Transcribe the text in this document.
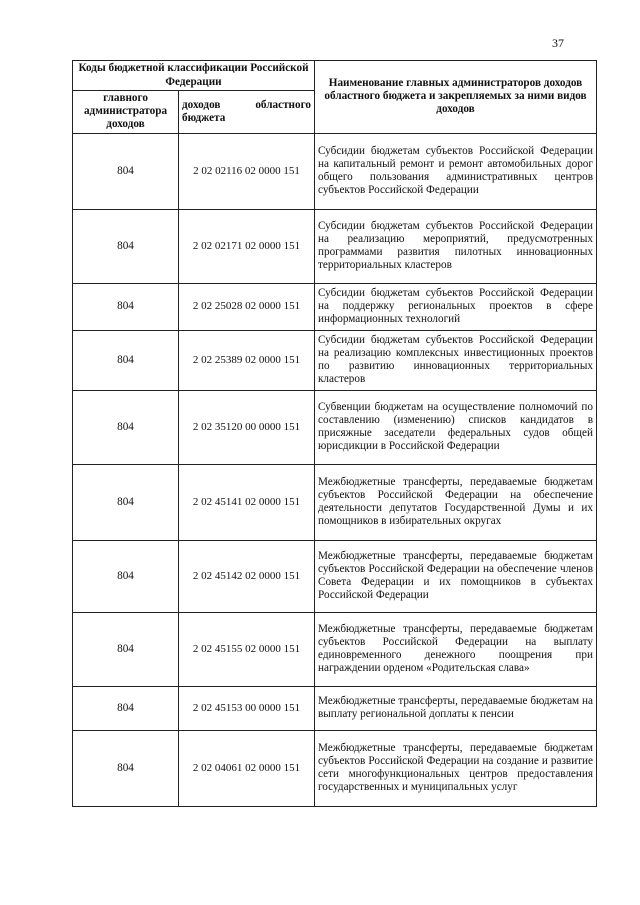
37
Коды бюджетной классификации Российской Федерации		Наименование главных администраторов доходов областного бюджета и закрепляемых за ними видов доходов
главного администратора доходов	доходов областного бюджета	
804	2 02 02116 02 0000 151	Субсидии бюджетам субъектов Российской Федерации на капитальный ремонт и ремонт автомобильных дорог общего пользования административных центров субъектов Российской Федерации
804	2 02 02171 02 0000 151	Субсидии бюджетам субъектов Российской Федерации на реализацию мероприятий, предусмотренных программами развития пилотных инновационных территориальных кластеров
804	2 02 25028 02 0000 151	Субсидии бюджетам субъектов Российской Федерации на поддержку региональных проектов в сфере информационных технологий
804	2 02 25389 02 0000 151	Субсидии бюджетам субъектов Российской Федерации на реализацию комплексных инвестиционных проектов по развитию инновационных территориальных кластеров
804	2 02 35120 00 0000 151	Субвенции бюджетам на осуществление полномочий по составлению (изменению) списков кандидатов в присяжные заседатели федеральных судов общей юрисдикции в Российской Федерации
804	2 02 45141 02 0000 151	Межбюджетные трансферты, передаваемые бюджетам субъектов Российской Федерации на обеспечение деятельности депутатов Государственной Думы и их помощников в избирательных округах
804	2 02 45142 02 0000 151	Межбюджетные трансферты, передаваемые бюджетам субъектов Российской Федерации на обеспечение членов Совета Федерации и их помощников в субъектах Российской Федерации
804	2 02 45155 02 0000 151	Межбюджетные трансферты, передаваемые бюджетам субъектов Российской Федерации на выплату единовременного денежного поощрения при награждении орденом «Родительская слава»
804	2 02 45153 00 0000 151	Межбюджетные трансферты, передаваемые бюджетам на выплату региональной доплаты к пенсии
804	2 02 04061 02 0000 151	Межбюджетные трансферты, передаваемые бюджетам субъектов Российской Федерации на создание и развитие сети многофункциональных центров предоставления государственных и муниципальных услуг
